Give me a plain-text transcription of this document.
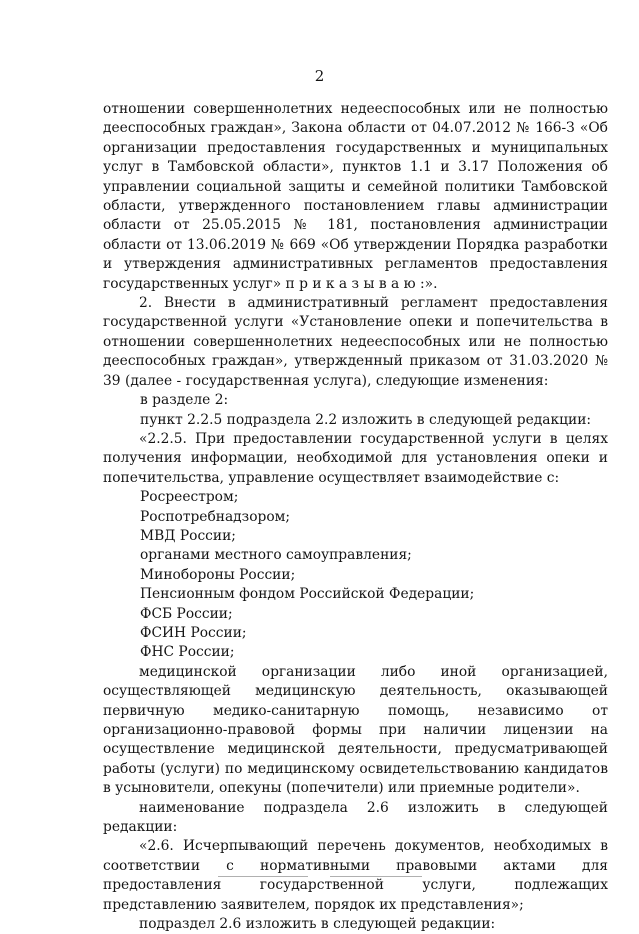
2

отношении совершеннолетних недееспособных или не полностью дееспособных граждан», Закона области от 04.07.2012 № 166-З «Об организации предоставления государственных и муниципальных услуг в Тамбовской области», пунктов 1.1 и 3.17 Положения об управлении социальной защиты и семейной политики Тамбовской области, утвержденного постановлением главы администрации области от 25.05.2015 № 181, постановления администрации области от 13.06.2019 № 669 «Об утверждении Порядка разработки и утверждения административных регламентов предоставления государственных услуг» п р и к а з ы в а ю :».

2. Внести в административный регламент предоставления государственной услуги «Установление опеки и попечительства в отношении совершеннолетних недееспособных или не полностью дееспособных граждан», утвержденный приказом от 31.03.2020 № 39 (далее - государственная услуга), следующие изменения:

в разделе 2:

пункт 2.2.5 подраздела 2.2 изложить в следующей редакции:

«2.2.5. При предоставлении государственной услуги в целях получения информации, необходимой для установления опеки и попечительства, управление осуществляет взаимодействие с:

Росреестром;

Роспотребнадзором;

МВД России;

органами местного самоуправления;

Минобороны России;

Пенсионным фондом Российской Федерации;

ФСБ России;

ФСИН России;

ФНС России;

медицинской организации либо иной организацией, осуществляющей медицинскую деятельность, оказывающей первичную медико-санитарную помощь, независимо от организационно-правовой формы при наличии лицензии на осуществление медицинской деятельности, предусматривающей работы (услуги) по медицинскому освидетельствованию кандидатов в усыновители, опекуны (попечители) или приемные родители».

наименование подраздела 2.6 изложить в следующей редакции:

«2.6. Исчерпывающий перечень документов, необходимых в соответствии с нормативными правовыми актами для предоставления государственной услуги, подлежащих представлению заявителем, порядок их представления»;

подраздел 2.6 изложить в следующей редакции:
